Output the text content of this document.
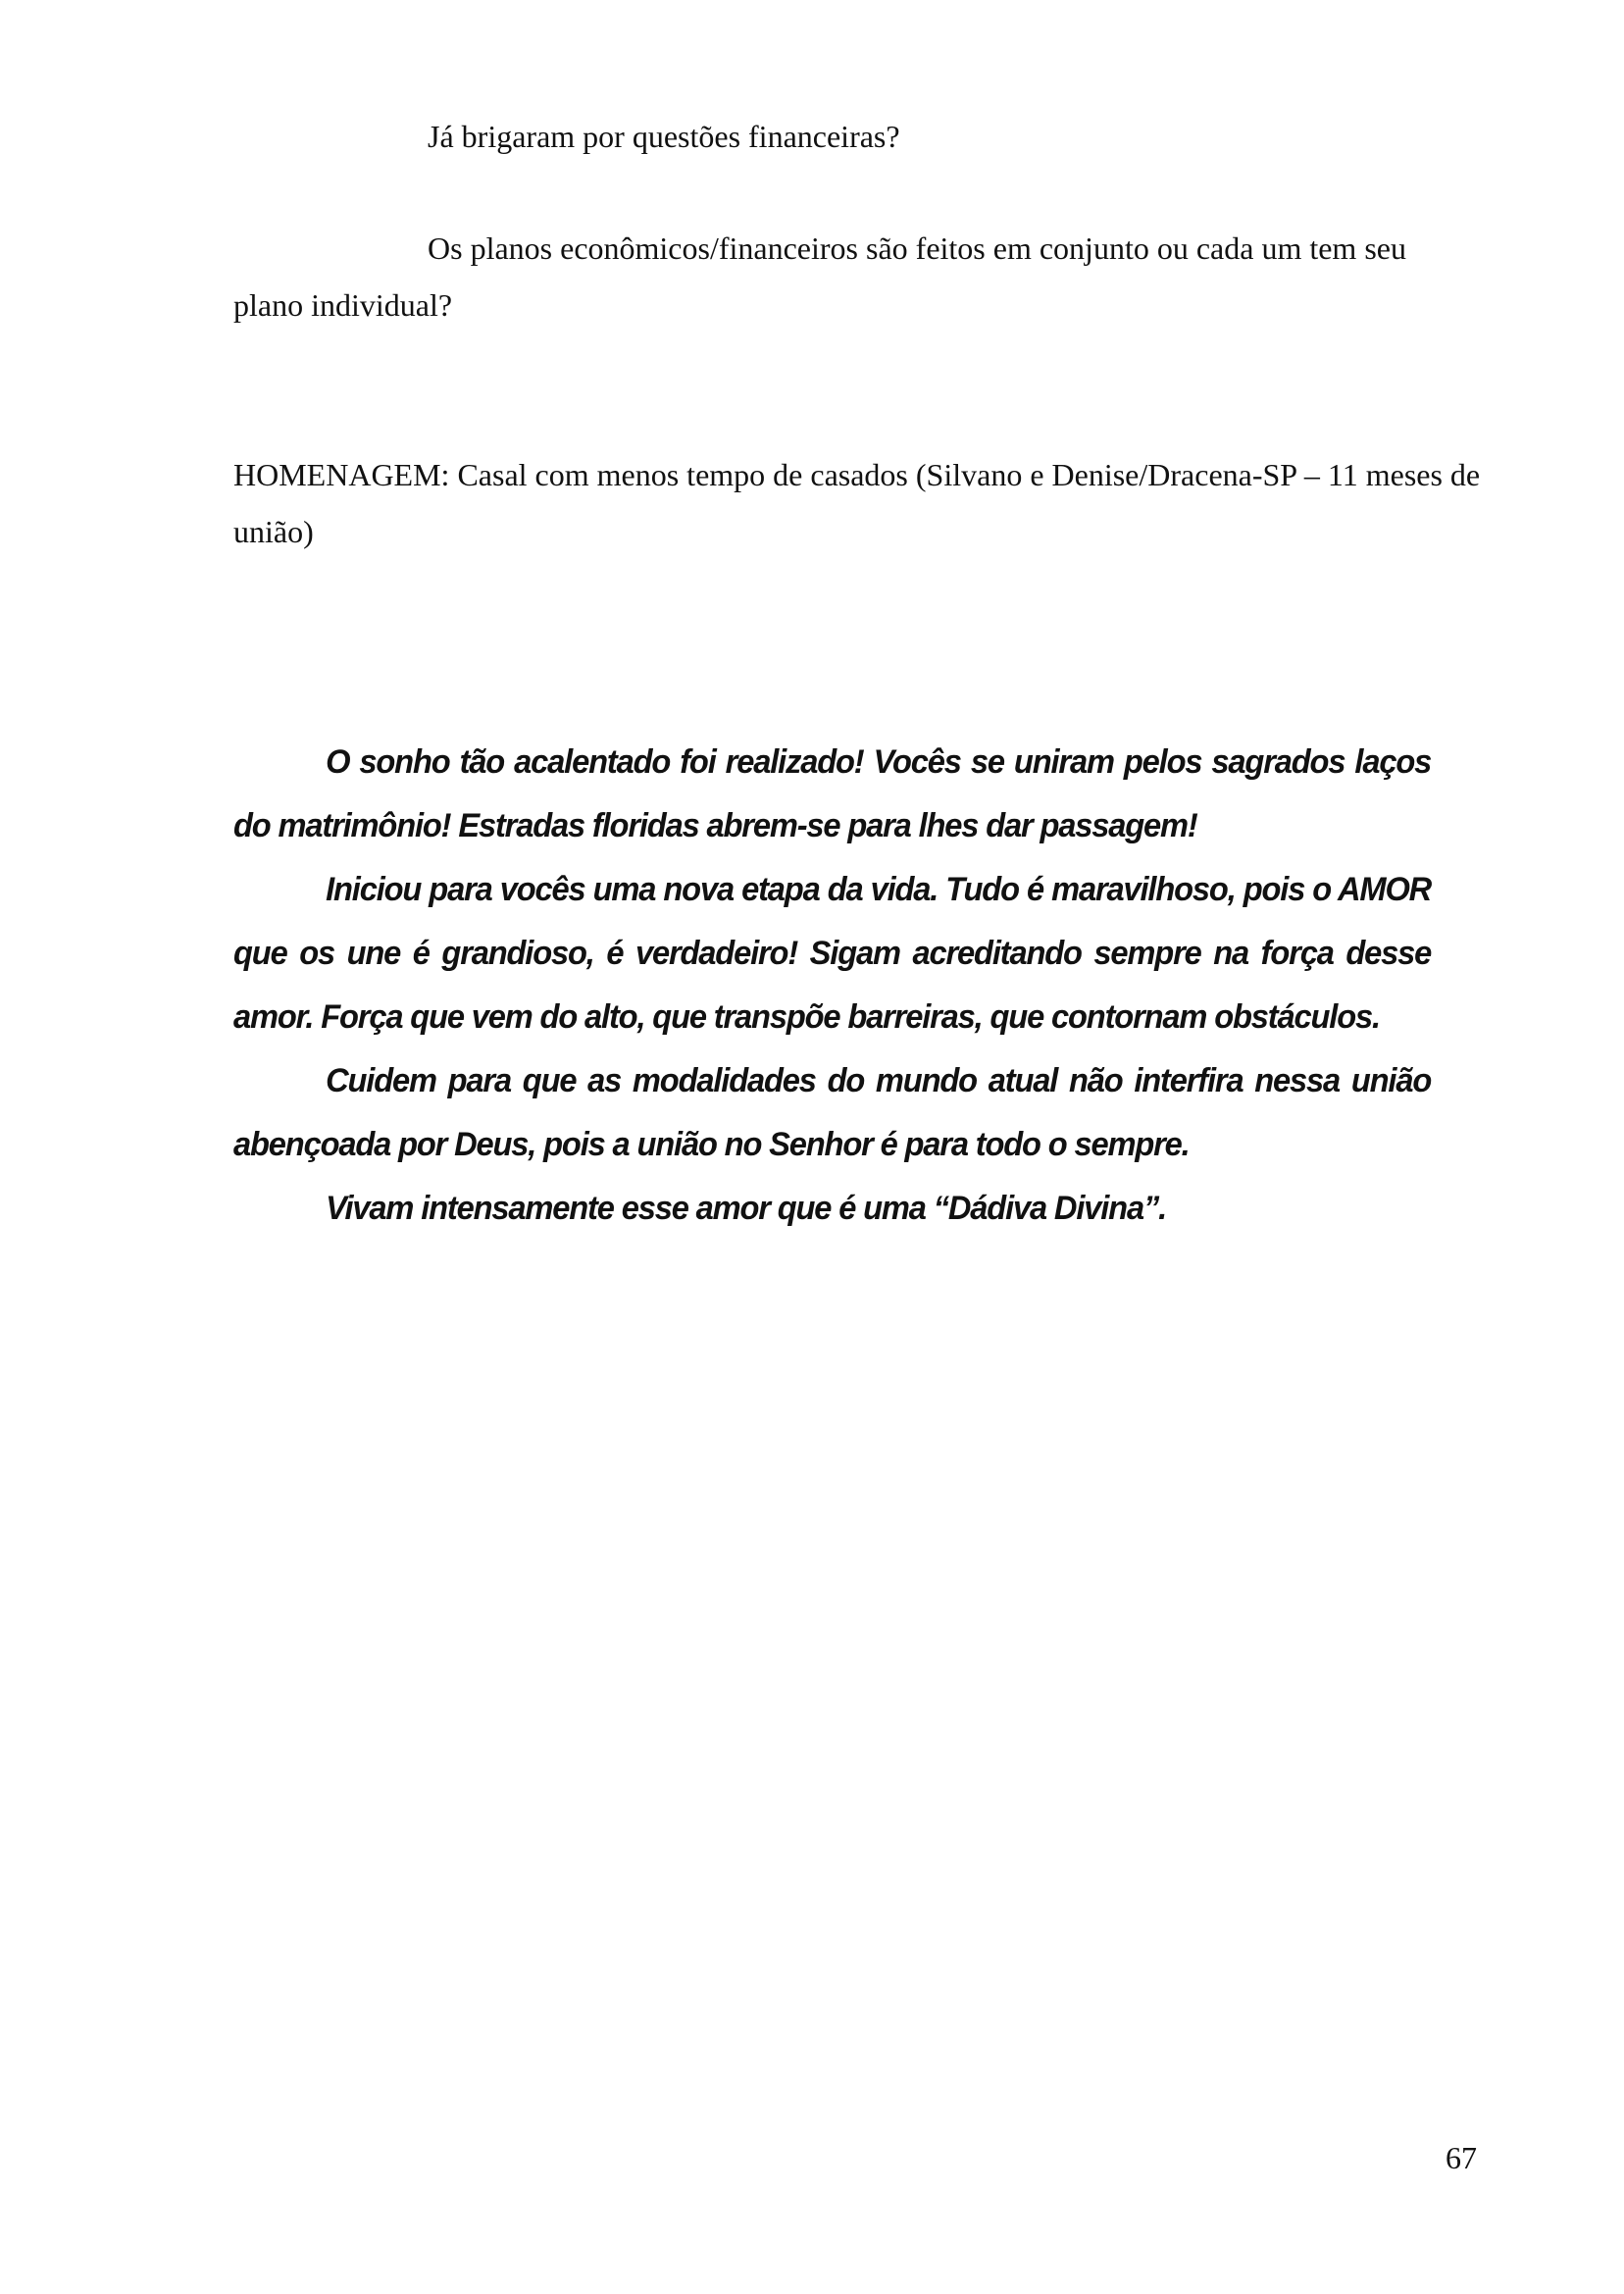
Já brigaram por questões financeiras?
Os planos econômicos/financeiros são feitos em conjunto ou cada um tem seu plano individual?
HOMENAGEM: Casal com menos tempo de casados (Silvano e Denise/Dracena-SP – 11 meses de união)

O sonho tão acalentado foi realizado! Vocês se uniram pelos sagrados laços do matrimônio! Estradas floridas abrem-se para lhes dar passagem!

Iniciou para vocês uma nova etapa da vida. Tudo é maravilhoso, pois o AMOR que os une é grandioso, é verdadeiro! Sigam acreditando sempre na força desse amor. Força que vem do alto, que transpõe barreiras, que contornam obstáculos.

Cuidem para que as modalidades do mundo atual não interfira nessa união abençoada por Deus, pois a união no Senhor é para todo o sempre.

Vivam intensamente esse amor que é uma “Dádiva Divina”.

67
